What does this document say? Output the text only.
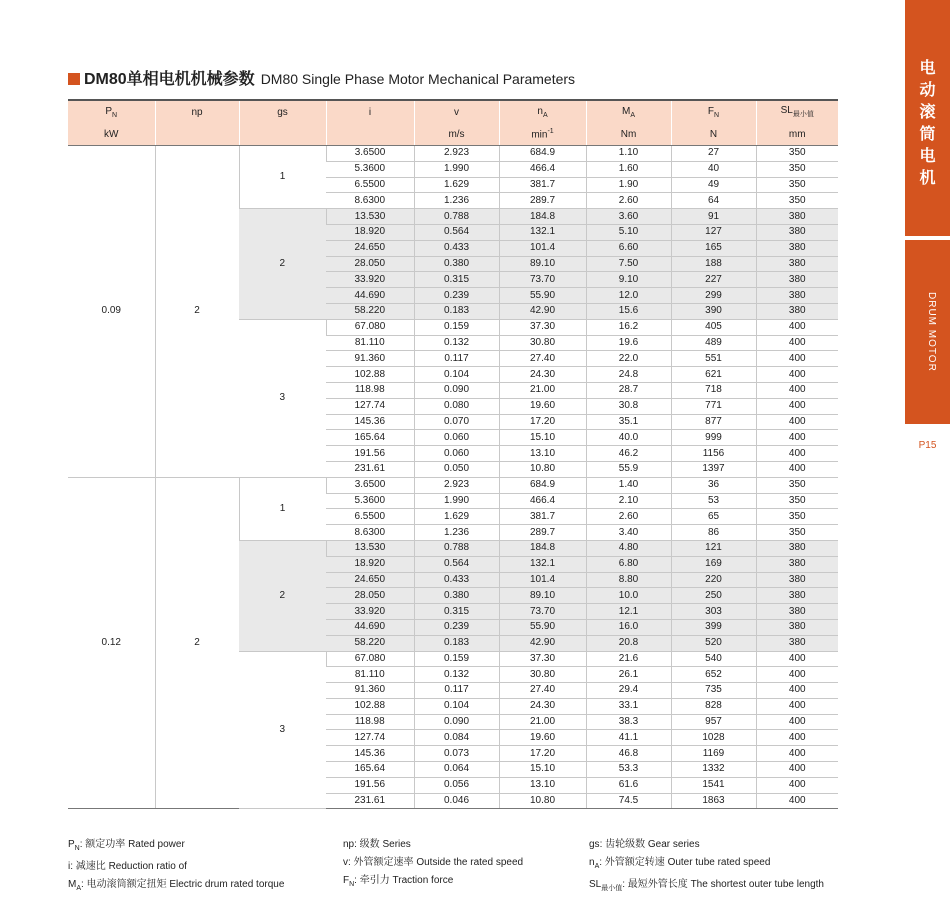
电
动
滚
筒
电
机
DRUM MOTOR
P15
DM80单相电机机械参数 DM80 Single Phase Motor Mechanical Parameters
$P_N$	np	gs	i	v	$n_A$	$M_A$	$F_N$	$SL_{最小值}$
kW				m/s	$\min^{-1}$	Nm	N	mm
0.09	2	1	3.6500	2.923	684.9	1.10	27	350
			5.3600	1.990	466.4	1.60	40	350
			6.5500	1.629	381.7	1.90	49	350
			8.6300	1.236	289.7	2.60	64	350
		2	13.530	0.788	184.8	3.60	91	380
			18.920	0.564	132.1	5.10	127	380
			24.650	0.433	101.4	6.60	165	380
			28.050	0.380	89.10	7.50	188	380
			33.920	0.315	73.70	9.10	227	380
			44.690	0.239	55.90	12.0	299	380
			58.220	0.183	42.90	15.6	390	380
		3	67.080	0.159	37.30	16.2	405	400
			81.110	0.132	30.80	19.6	489	400
			91.360	0.117	27.40	22.0	551	400
			102.88	0.104	24.30	24.8	621	400
			118.98	0.090	21.00	28.7	718	400
			127.74	0.080	19.60	30.8	771	400
			145.36	0.070	17.20	35.1	877	400
			165.64	0.060	15.10	40.0	999	400
			191.56	0.060	13.10	46.2	1156	400
			231.61	0.050	10.80	55.9	1397	400
0.12	2	1	3.6500	2.923	684.9	1.40	36	350
			5.3600	1.990	466.4	2.10	53	350
			6.5500	1.629	381.7	2.60	65	350
			8.6300	1.236	289.7	3.40	86	350
		2	13.530	0.788	184.8	4.80	121	380
			18.920	0.564	132.1	6.80	169	380
			24.650	0.433	101.4	8.80	220	380
			28.050	0.380	89.10	10.0	250	380
			33.920	0.315	73.70	12.1	303	380
			44.690	0.239	55.90	16.0	399	380
			58.220	0.183	42.90	20.8	520	380
		3	67.080	0.159	37.30	21.6	540	400
			81.110	0.132	30.80	26.1	652	400
			91.360	0.117	27.40	29.4	735	400
			102.88	0.104	24.30	33.1	828	400
			118.98	0.090	21.00	38.3	957	400
			127.74	0.084	19.60	41.1	1028	400
			145.36	0.073	17.20	46.8	1169	400
			165.64	0.064	15.10	53.3	1332	400
			191.56	0.056	13.10	61.6	1541	400
			231.61	0.046	10.80	74.5	1863	400
$P_N$: 额定功率 Rated power
i: 减速比 Reduction ratio of
$M_A$: 电动滚筒额定扭矩 Electric drum rated torque
np: 级数 Series
v: 外管额定速率 Outside the rated speed
$F_N$: 牵引力 Traction force
gs: 齿轮级数 Gear series
$n_A$: 外管额定转速 Outer tube rated speed
$SL_{最小值}$: 最短外管长度 The shortest outer tube length
